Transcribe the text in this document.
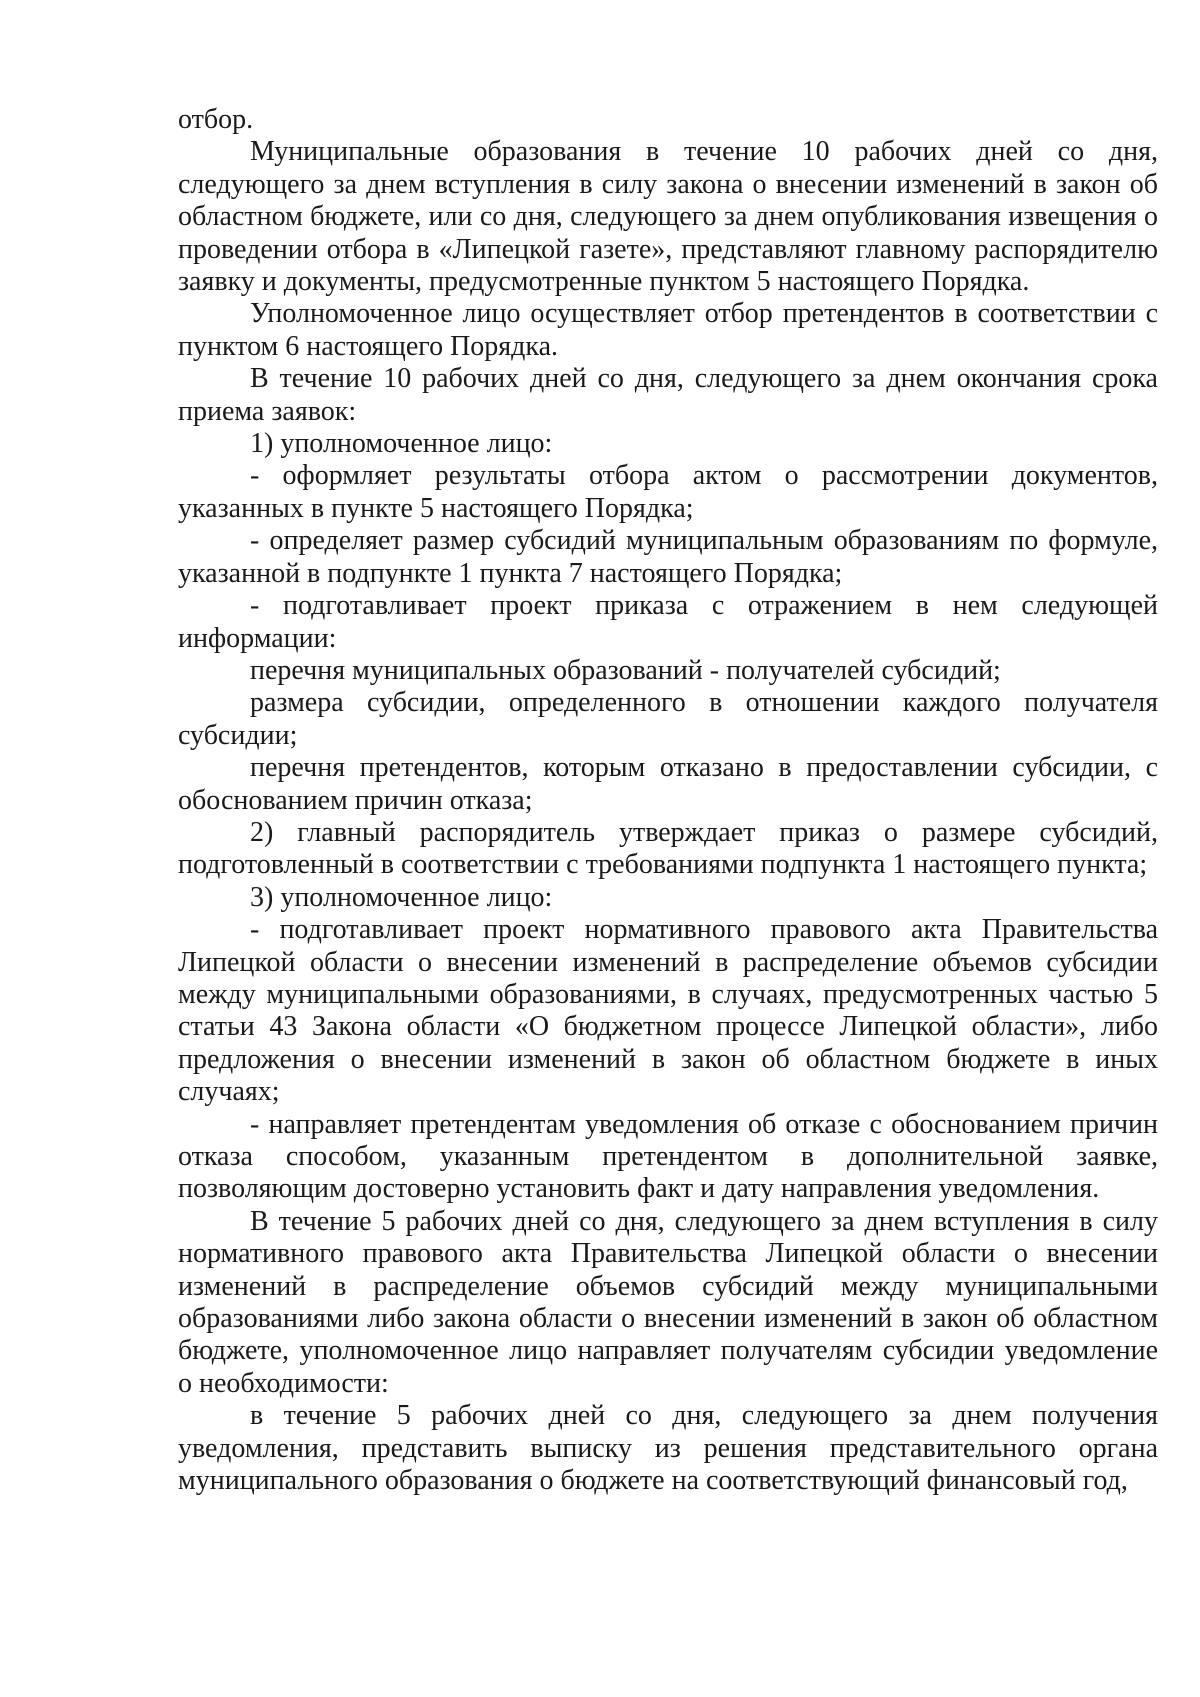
отбор.

Муниципальные образования в течение 10 рабочих дней со дня, следующего за днем вступления в силу закона о внесении изменений в закон об областном бюджете, или со дня, следующего за днем опубликования извещения о проведении отбора в «Липецкой газете», представляют главному распорядителю заявку и документы, предусмотренные пунктом 5 настоящего Порядка.

Уполномоченное лицо осуществляет отбор претендентов в соответствии с пунктом 6 настоящего Порядка.

В течение 10 рабочих дней со дня, следующего за днем окончания срока приема заявок:

1) уполномоченное лицо:

- оформляет результаты отбора актом о рассмотрении документов, указанных в пункте 5 настоящего Порядка;

- определяет размер субсидий муниципальным образованиям по формуле, указанной в подпункте 1 пункта 7 настоящего Порядка;

- подготавливает проект приказа с отражением в нем следующей информации:

перечня муниципальных образований - получателей субсидий;

размера субсидии, определенного в отношении каждого получателя субсидии;

перечня претендентов, которым отказано в предоставлении субсидии, с обоснованием причин отказа;

2) главный распорядитель утверждает приказ о размере субсидий, подготовленный в соответствии с требованиями подпункта 1 настоящего пункта;

3) уполномоченное лицо:

- подготавливает проект нормативного правового акта Правительства Липецкой области о внесении изменений в распределение объемов субсидии между муниципальными образованиями, в случаях, предусмотренных частью 5 статьи 43 Закона области «О бюджетном процессе Липецкой области», либо предложения о внесении изменений в закон об областном бюджете в иных случаях;

- направляет претендентам уведомления об отказе с обоснованием причин отказа способом, указанным претендентом в дополнительной заявке, позволяющим достоверно установить факт и дату направления уведомления.

В течение 5 рабочих дней со дня, следующего за днем вступления в силу нормативного правового акта Правительства Липецкой области о внесении изменений в распределение объемов субсидий между муниципальными образованиями либо закона области о внесении изменений в закон об областном бюджете, уполномоченное лицо направляет получателям субсидии уведомление о необходимости:

в течение 5 рабочих дней со дня, следующего за днем получения уведомления, представить выписку из решения представительного органа муниципального образования о бюджете на соответствующий финансовый год,
